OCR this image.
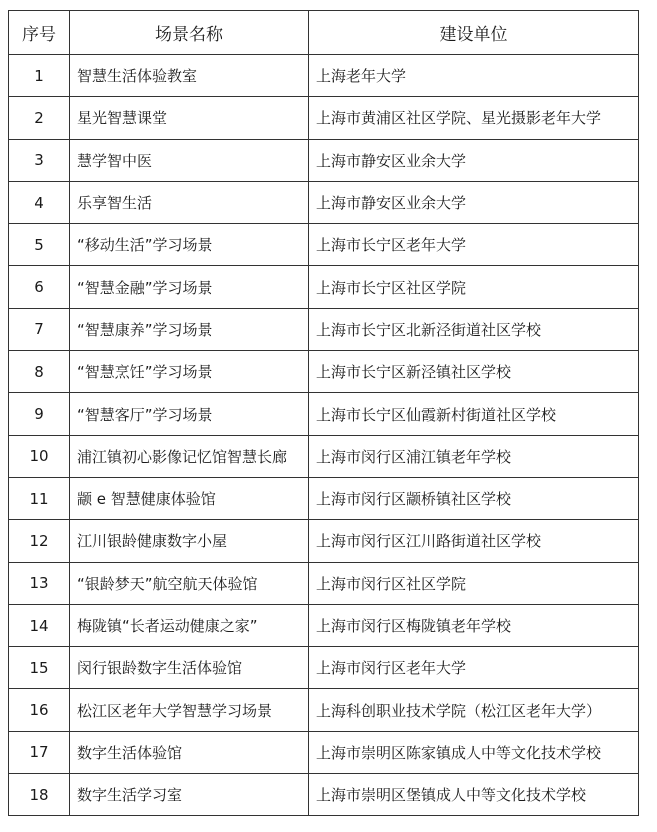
序号	场景名称	建设单位
1	智慧生活体验教室	上海老年大学
2	星光智慧课堂	上海市黄浦区社区学院、星光摄影老年大学
3	慧学智中医	上海市静安区业余大学
4	乐享智生活	上海市静安区业余大学
5	“移动生活”学习场景	上海市长宁区老年大学
6	“智慧金融”学习场景	上海市长宁区社区学院
7	“智慧康养”学习场景	上海市长宁区北新泾街道社区学校
8	“智慧烹饪”学习场景	上海市长宁区新泾镇社区学校
9	“智慧客厅”学习场景	上海市长宁区仙霞新村街道社区学校
10	浦江镇初心影像记忆馆智慧长廊	上海市闵行区浦江镇老年学校
11	颛 e 智慧健康体验馆	上海市闵行区颛桥镇社区学校
12	江川银龄健康数字小屋	上海市闵行区江川路街道社区学校
13	“银龄梦天”航空航天体验馆	上海市闵行区社区学院
14	梅陇镇“长者运动健康之家”	上海市闵行区梅陇镇老年学校
15	闵行银龄数字生活体验馆	上海市闵行区老年大学
16	松江区老年大学智慧学习场景	上海科创职业技术学院（松江区老年大学）
17	数字生活体验馆	上海市崇明区陈家镇成人中等文化技术学校
18	数字生活学习室	上海市崇明区堡镇成人中等文化技术学校
